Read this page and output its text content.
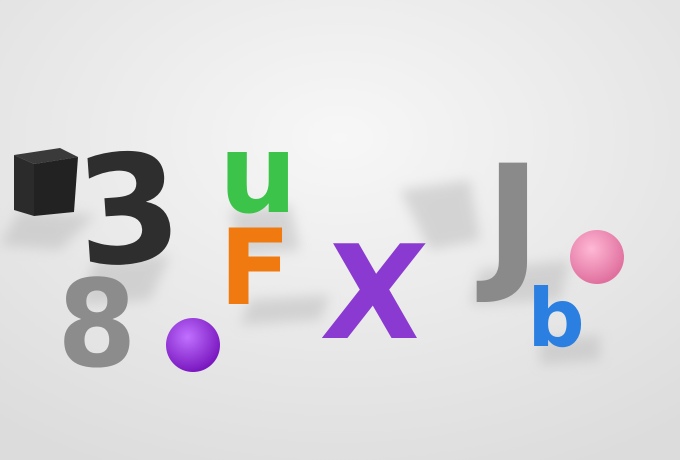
3
8
u
F X J
b
